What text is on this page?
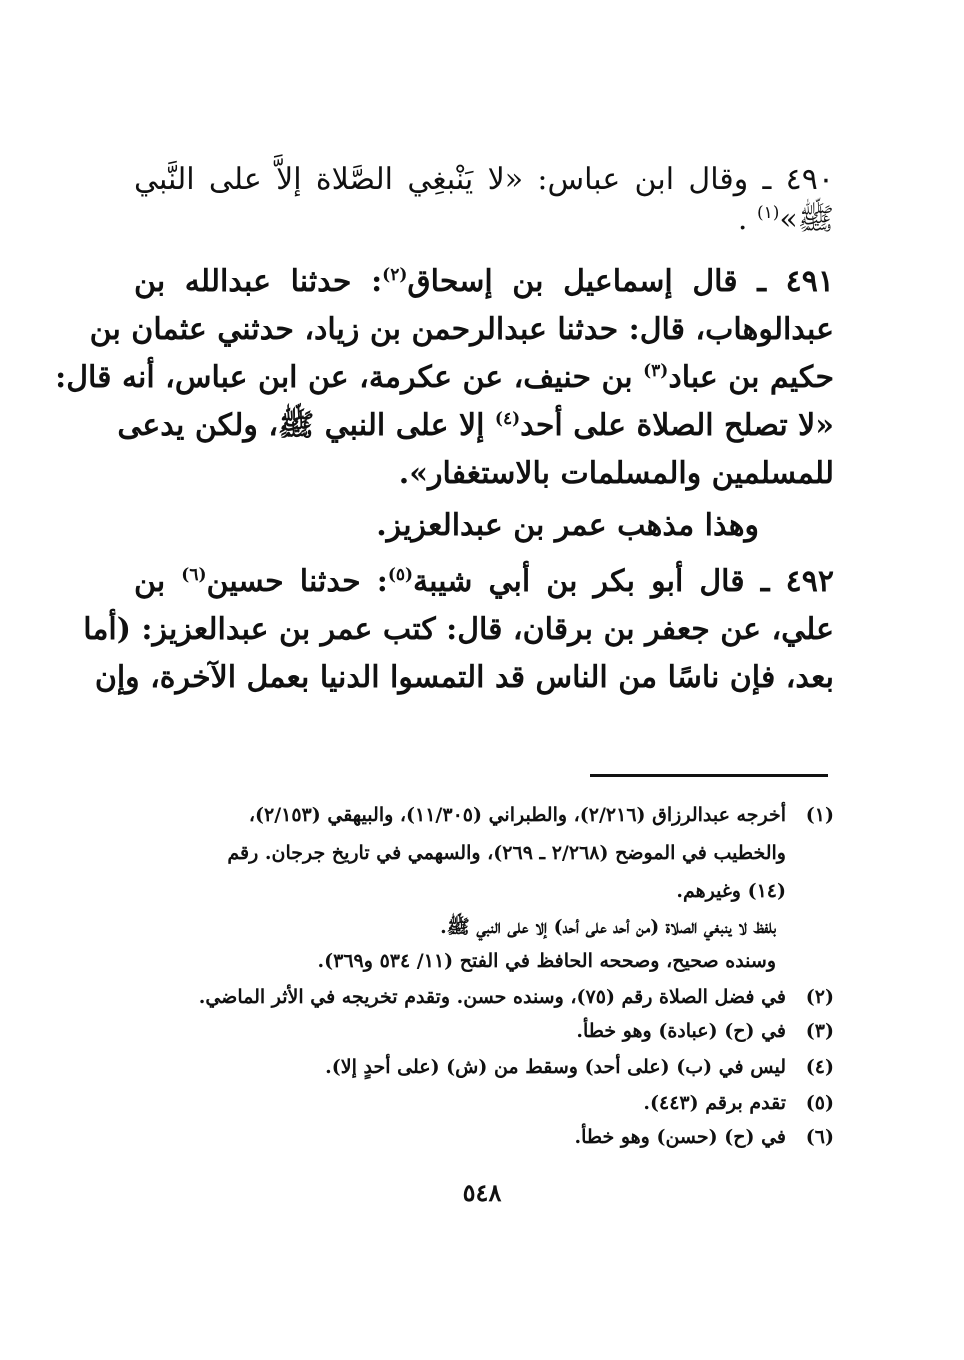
٤٩٠ ـ وقال ابن عباس: «لا يَنْبغِي الصَّلاة إلاَّ على النَّبي
ﷺ»$^{(١)}$ .
٤٩١ ـ قال إسماعيل بن إسحاق$^{(٢)}$: حدثنا عبدالله بن
عبدالوهاب، قال: حدثنا عبدالرحمن بن زياد، حدثني عثمان بن
حكيم بن عباد$^{(٣)}$ بن حنيف، عن عكرمة، عن ابن عباس، أنه قال:
«لا تصلح الصلاة على أحد$^{(٤)}$ إلا على النبي ﷺ، ولكن يدعى
للمسلمين والمسلمات بالاستغفار».
وهذا مذهب عمر بن عبدالعزيز.
٤٩٢ ـ قال أبو بكر بن أبي شيبة$^{(٥)}$: حدثنا حسين$^{(٦)}$ بن
علي، عن جعفر بن برقان، قال: كتب عمر بن عبدالعزيز: (أما
بعد، فإن ناسًا من الناس قد التمسوا الدنيا بعمل الآخرة، وإن
(١)أخرجه عبدالرزاق (٢/٢١٦)، والطبراني (١١/٣٠٥)، والبيهقي (٢/١٥٣)،
والخطيب في الموضح (٢/٢٦٨ ـ ٢٦٩)، والسهمي في تاريخ جرجان. رقم
(١٤) وغيرهم.
بلفظ لا ينبغي الصلاة (من أحد على أحد) إلا على النبي ﷺ.
وسنده صحيح، وصححه الحافظ في الفتح (١١/ ٥٣٤ و٣٦٩).
(٢)في فضل الصلاة رقم (٧٥)، وسنده حسن. وتقدم تخريجه في الأثر الماضي.
(٣)في (ح) (عبادة) وهو خطأ.
(٤)ليس في (ب) (على أحد) وسقط من (ش) (على أحدٍ إلا).
(٥)تقدم برقم (٤٤٣).
(٦)في (ح) (حسن) وهو خطأ.
٥٤٨
